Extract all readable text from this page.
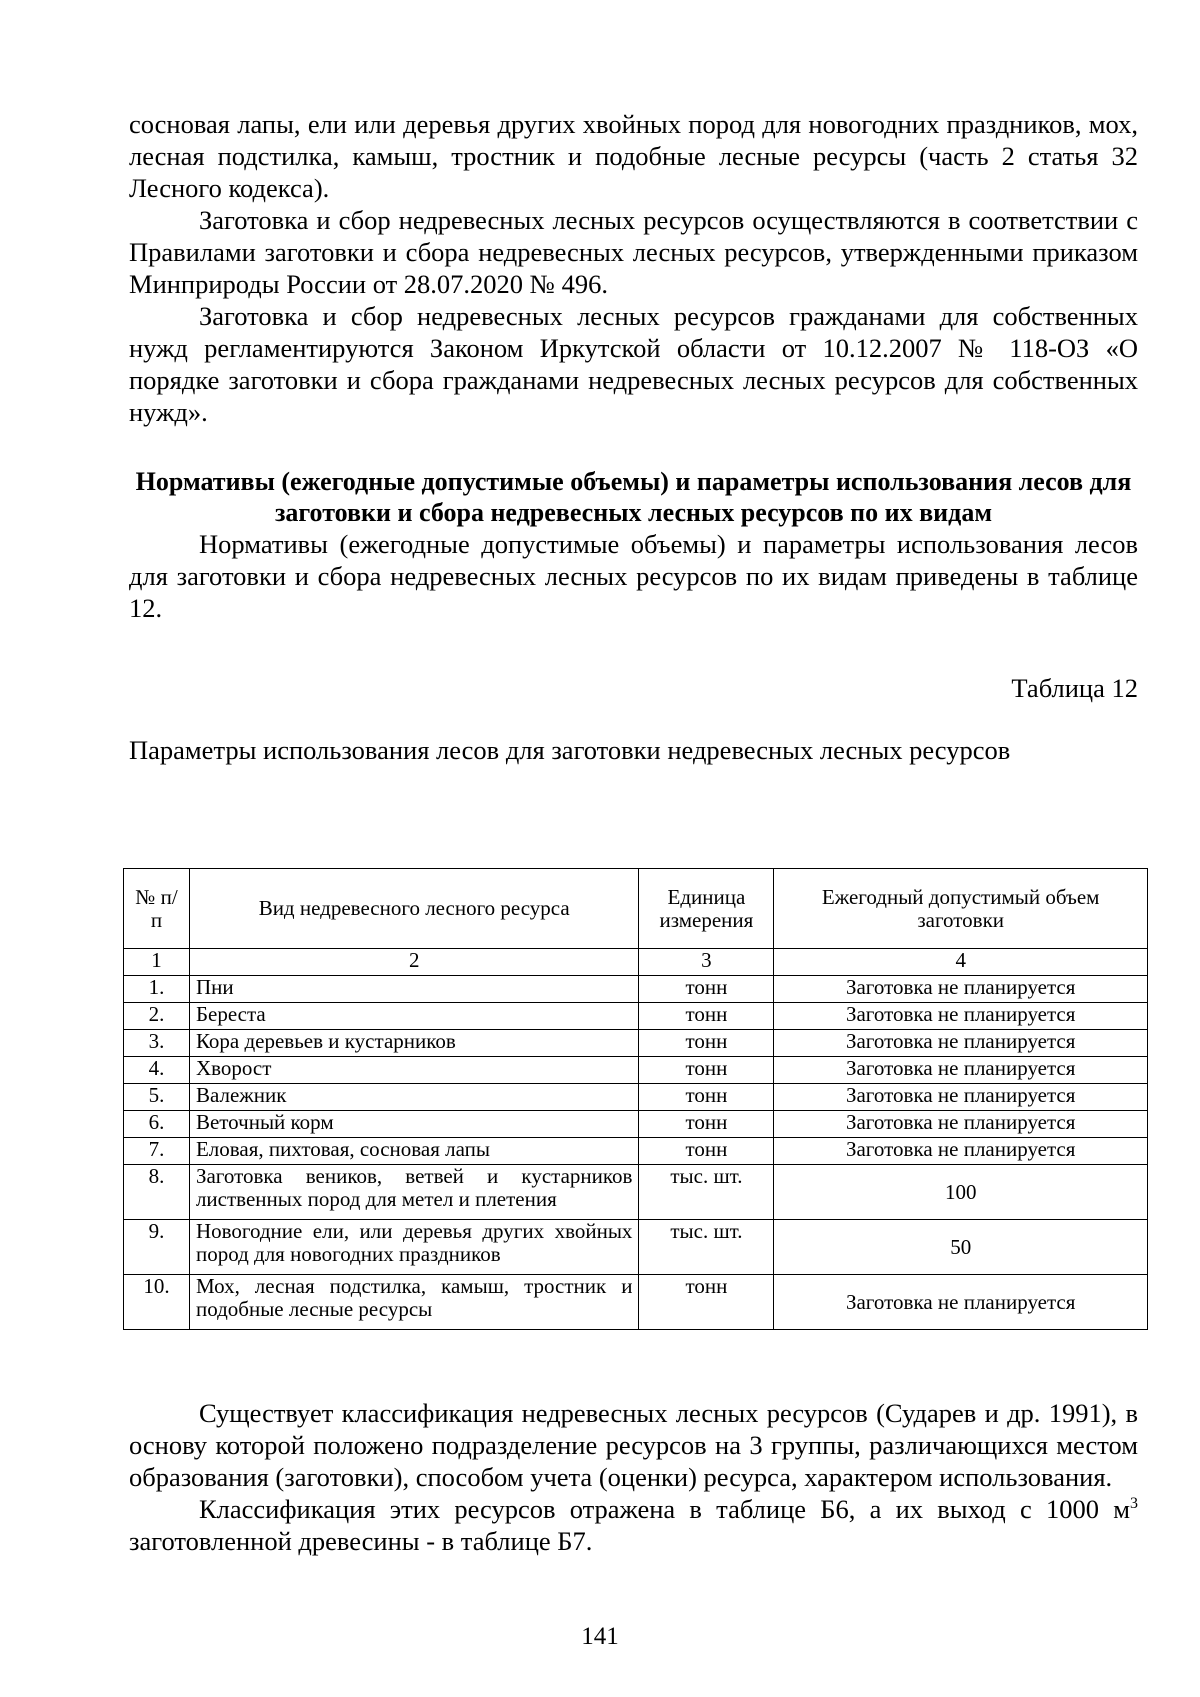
сосновая лапы, ели или деревья других хвойных пород для новогодних праздников, мох, лесная подстилка, камыш, тростник и подобные лесные ресурсы (часть 2 статья 32 Лесного кодекса).

Заготовка и сбор недревесных лесных ресурсов осуществляются в соответствии с Правилами заготовки и сбора недревесных лесных ресурсов, утвержденными приказом Минприроды России от 28.07.2020 № 496.

Заготовка и сбор недревесных лесных ресурсов гражданами для собственных нужд регламентируются Законом Иркутской области от 10.12.2007 № 118-ОЗ «О порядке заготовки и сбора гражданами недревесных лесных ресурсов для собственных нужд».

Нормативы (ежегодные допустимые объемы) и параметры использования лесов для заготовки и сбора недревесных лесных ресурсов по их видам

Нормативы (ежегодные допустимые объемы) и параметры использования лесов для заготовки и сбора недревесных лесных ресурсов по их видам приведены в таблице 12.

Таблица 12
Параметры использования лесов для заготовки недревесных лесных ресурсов
№ п/п	Вид недревесного лесного ресурса	Единица измерения	Ежегодный допустимый объем заготовки
1	2	3	4
1.	Пни	тонн	Заготовка не планируется
2.	Береста	тонн	Заготовка не планируется
3.	Кора деревьев и кустарников	тонн	Заготовка не планируется
4.	Хворост	тонн	Заготовка не планируется
5.	Валежник	тонн	Заготовка не планируется
6.	Веточный корм	тонн	Заготовка не планируется
7.	Еловая, пихтовая, сосновая лапы	тонн	Заготовка не планируется
8.	Заготовка веников, ветвей и кустарников лиственных пород для метел и плетения	тыс. шт.	100
9.	Новогодние ели, или деревья других хвойных пород для новогодних праздников	тыс. шт.	50
10.	Мох, лесная подстилка, камыш, тростник и подобные лесные ресурсы	тонн	Заготовка не планируется

Существует классификация недревесных лесных ресурсов (Сударев и др. 1991), в основу которой положено подразделение ресурсов на 3 группы, различающихся местом образования (заготовки), способом учета (оценки) ресурса, характером использования.

Классификация этих ресурсов отражена в таблице Б6, а их выход с 1000 $м^3$ заготовленной древесины - в таблице Б7.

141
